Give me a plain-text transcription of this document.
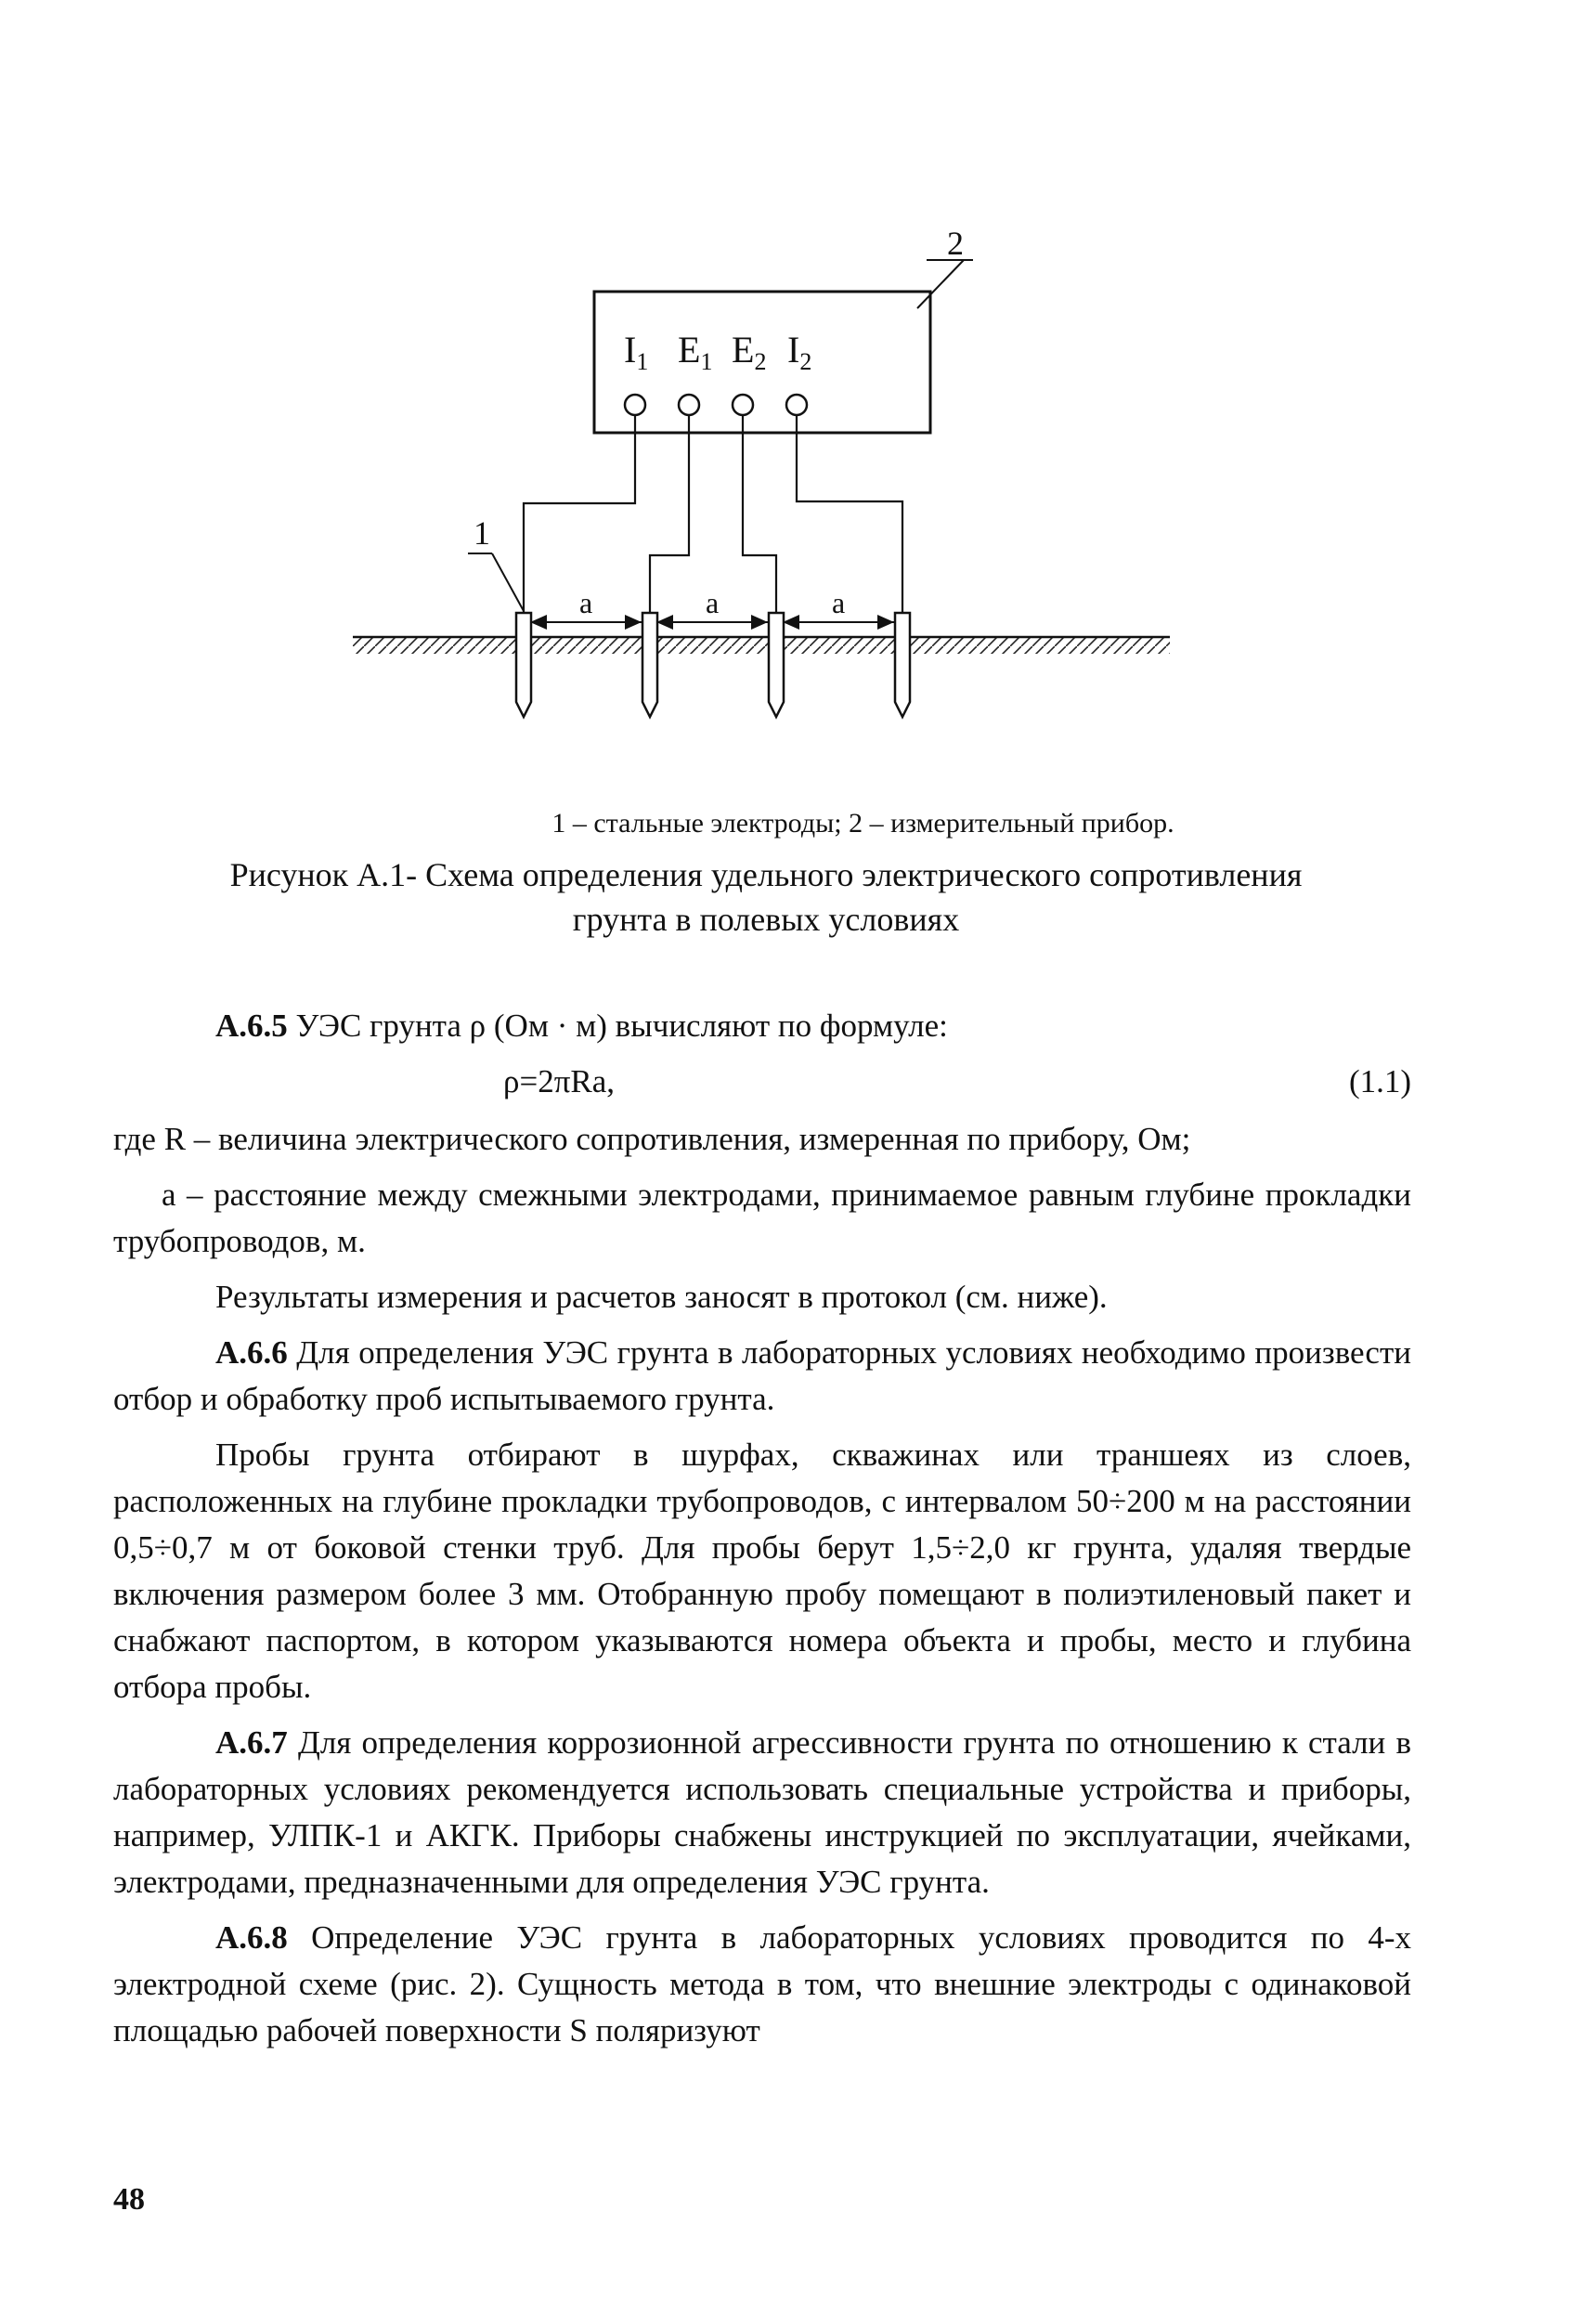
2
$I_1$ $E_1$ $E_2$ $I_2$
1
a	a	a
1 – стальные электроды; 2 – измерительный прибор.
Рисунок А.1- Схема определения удельного электрического сопротивления
грунта в полевых условиях

А.6.5 УЭС грунта ρ (Ом · м) вычисляют по формуле:

ρ=2πRa,	(1.1)

где R – величина электрического сопротивления, измеренная по прибору, Ом;

а – расстояние между смежными электродами, принимаемое равным глубине прокладки трубопроводов, м.

Результаты измерения и расчетов заносят в протокол (см. ниже).

А.6.6 Для определения УЭС грунта в лабораторных условиях необходимо произвести отбор и обработку проб испытываемого грунта.

Пробы грунта отбирают в шурфах, скважинах или траншеях из слоев, расположенных на глубине прокладки трубопроводов, с интервалом 50÷200 м на расстоянии 0,5÷0,7 м от боковой стенки труб. Для пробы берут 1,5÷2,0 кг грунта, удаляя твердые включения размером более 3 мм. Отобранную пробу помещают в полиэтиленовый пакет и снабжают паспортом, в котором указываются номера объекта и пробы, место и глубина отбора пробы.

А.6.7 Для определения коррозионной агрессивности грунта по отношению к стали в лабораторных условиях рекомендуется использовать специальные устройства и приборы, например, УЛПК-1 и АКГК. Приборы снабжены инструкцией по эксплуатации, ячейками, электродами, предназначенными для определения УЭС грунта.

А.6.8 Определение УЭС грунта в лабораторных условиях проводится по 4-х электродной схеме (рис. 2). Сущность метода в том, что внешние электроды с одинаковой площадью рабочей поверхности S поляризуют

48
